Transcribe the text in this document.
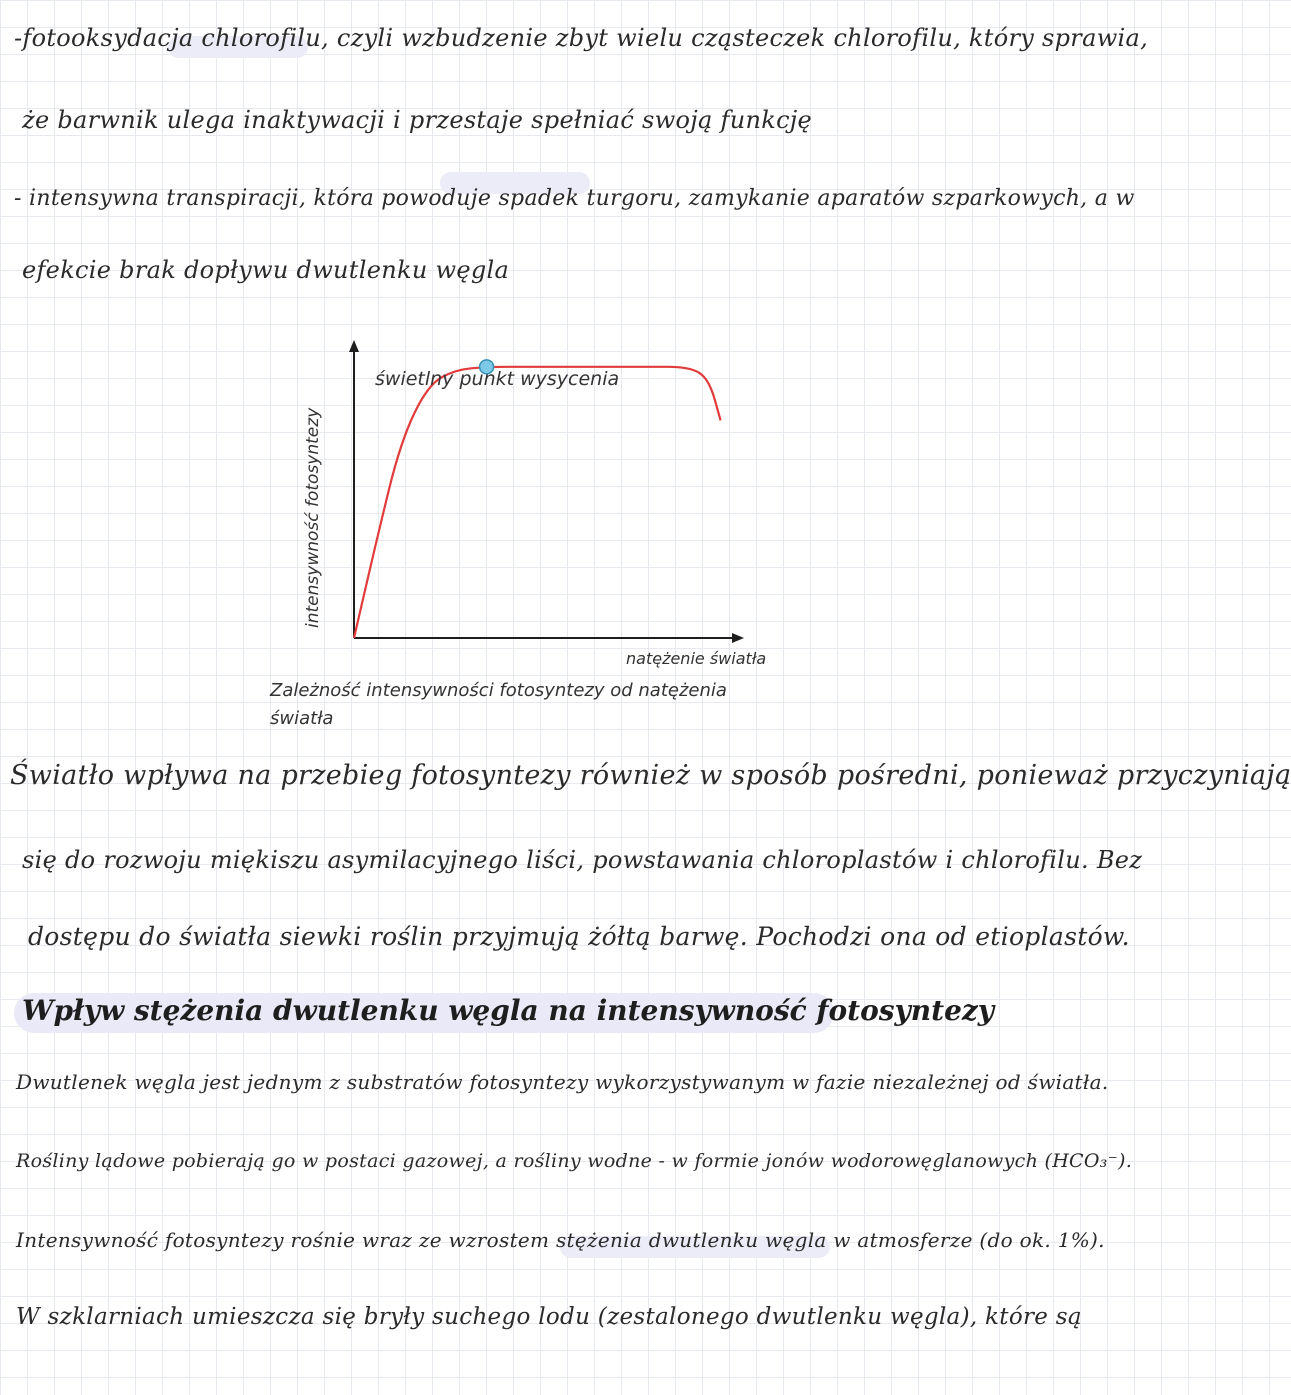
-fotooksydacja chlorofilu, czyli wzbudzenie zbyt wielu cząsteczek chlorofilu, który sprawia,
że barwnik ulega inaktywacji i przestaje spełniać swoją funkcję
- intensywna transpiracji, która powoduje spadek turgoru, zamykanie aparatów szparkowych, a w
efekcie brak dopływu dwutlenku węgla
świetlny punkt wysycenia
intensywność fotosyntezy
natężenie światła
Zależność intensywności fotosyntezy od natężenia
światła
Światło wpływa na przebieg fotosyntezy również w sposób pośredni, ponieważ przyczyniają
się do rozwoju miękiszu asymilacyjnego liści, powstawania chloroplastów i chlorofilu. Bez
dostępu do światła siewki roślin przyjmują żółtą barwę. Pochodzi ona od etioplastów.
Wpływ stężenia dwutlenku węgla na intensywność fotosyntezy
Dwutlenek węgla jest jednym z substratów fotosyntezy wykorzystywanym w fazie niezależnej od światła.
Rośliny lądowe pobierają go w postaci gazowej, a rośliny wodne - w formie jonów wodorowęglanowych (HCO₃⁻).
Intensywność fotosyntezy rośnie wraz ze wzrostem stężenia dwutlenku węgla w atmosferze (do ok. 1%).
W szklarniach umieszcza się bryły suchego lodu (zestalonego dwutlenku węgla), które są
